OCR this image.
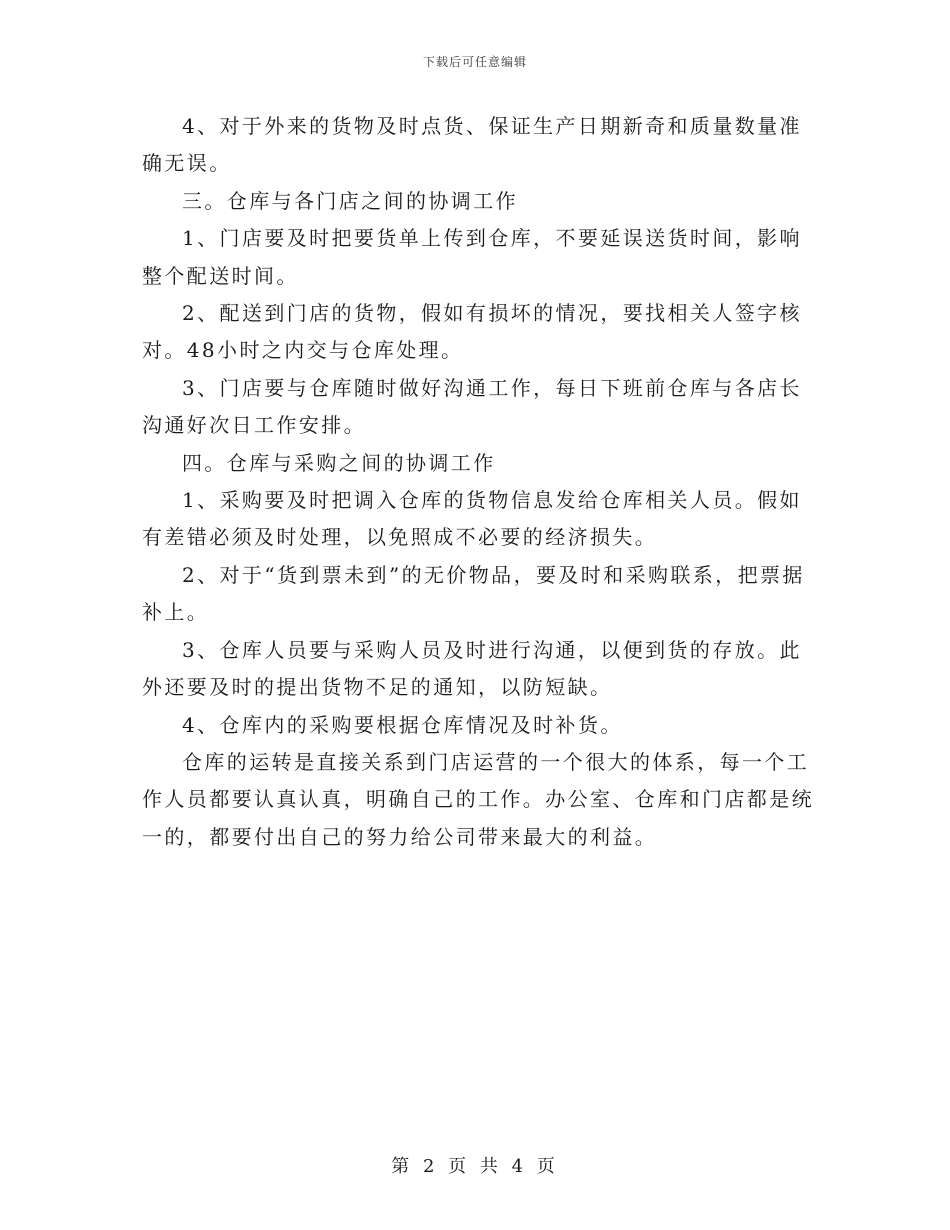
下载后可任意编辑

4、对于外来的货物及时点货、保证生产日期新奇和质量数量准确无误。

三。仓库与各门店之间的协调工作

1、门店要及时把要货单上传到仓库，不要延误送货时间，影响整个配送时间。

2、配送到门店的货物，假如有损坏的情况，要找相关人签字核对。48小时之内交与仓库处理。

3、门店要与仓库随时做好沟通工作，每日下班前仓库与各店长沟通好次日工作安排。

四。仓库与采购之间的协调工作

1、采购要及时把调入仓库的货物信息发给仓库相关人员。假如有差错必须及时处理，以免照成不必要的经济损失。

2、对于“货到票未到”的无价物品，要及时和采购联系，把票据补上。

3、仓库人员要与采购人员及时进行沟通，以便到货的存放。此外还要及时的提出货物不足的通知，以防短缺。

4、仓库内的采购要根据仓库情况及时补货。

仓库的运转是直接关系到门店运营的一个很大的体系，每一个工作人员都要认真认真，明确自己的工作。办公室、仓库和门店都是统一的，都要付出自己的努力给公司带来最大的利益。

第 2 页 共 4 页
